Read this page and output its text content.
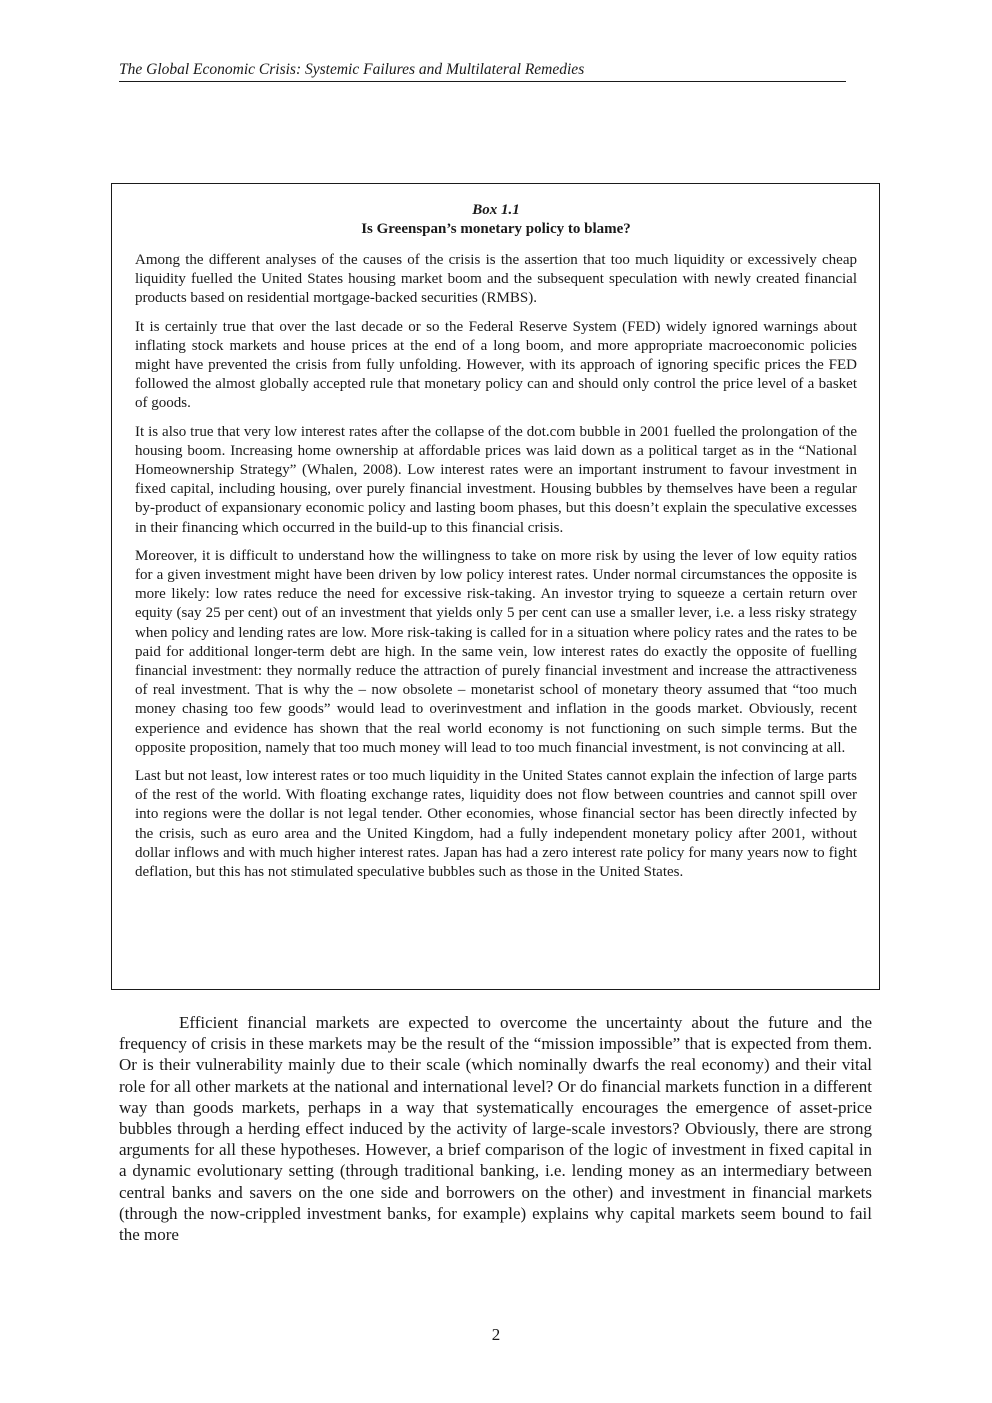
The Global Economic Crisis: Systemic Failures and Multilateral Remedies
Box 1.1
Is Greenspan’s monetary policy to blame?

Among the different analyses of the causes of the crisis is the assertion that too much liquidity or excessively cheap liquidity fuelled the United States housing market boom and the subsequent speculation with newly created financial products based on residential mortgage-backed securities (RMBS).

It is certainly true that over the last decade or so the Federal Reserve System (FED) widely ignored warnings about inflating stock markets and house prices at the end of a long boom, and more appropriate macroeconomic policies might have prevented the crisis from fully unfolding. However, with its approach of ignoring specific prices the FED followed the almost globally accepted rule that monetary policy can and should only control the price level of a basket of goods.

It is also true that very low interest rates after the collapse of the dot.com bubble in 2001 fuelled the prolongation of the housing boom. Increasing home ownership at affordable prices was laid down as a political target as in the “National Homeownership Strategy” (Whalen, 2008). Low interest rates were an important instrument to favour investment in fixed capital, including housing, over purely financial investment. Housing bubbles by themselves have been a regular by-product of expansionary economic policy and lasting boom phases, but this doesn’t explain the speculative excesses in their financing which occurred in the build-up to this financial crisis.

Moreover, it is difficult to understand how the willingness to take on more risk by using the lever of low equity ratios for a given investment might have been driven by low policy interest rates. Under normal circumstances the opposite is more likely: low rates reduce the need for excessive risk-taking. An investor trying to squeeze a certain return over equity (say 25 per cent) out of an investment that yields only 5 per cent can use a smaller lever, i.e. a less risky strategy when policy and lending rates are low. More risk-taking is called for in a situation where policy rates and the rates to be paid for additional longer-term debt are high. In the same vein, low interest rates do exactly the opposite of fuelling financial investment: they normally reduce the attraction of purely financial investment and increase the attractiveness of real investment. That is why the – now obsolete – monetarist school of monetary theory assumed that “too much money chasing too few goods” would lead to overinvestment and inflation in the goods market. Obviously, recent experience and evidence has shown that the real world economy is not functioning on such simple terms. But the opposite proposition, namely that too much money will lead to too much financial investment, is not convincing at all.

Last but not least, low interest rates or too much liquidity in the United States cannot explain the infection of large parts of the rest of the world. With floating exchange rates, liquidity does not flow between countries and cannot spill over into regions were the dollar is not legal tender. Other economies, whose financial sector has been directly infected by the crisis, such as euro area and the United Kingdom, had a fully independent monetary policy after 2001, without dollar inflows and with much higher interest rates. Japan has had a zero interest rate policy for many years now to fight deflation, but this has not stimulated speculative bubbles such as those in the United States.

Efficient financial markets are expected to overcome the uncertainty about the future and the frequency of crisis in these markets may be the result of the “mission impossible” that is expected from them. Or is their vulnerability mainly due to their scale (which nominally dwarfs the real economy) and their vital role for all other markets at the national and international level? Or do financial markets function in a different way than goods markets, perhaps in a way that systematically encourages the emergence of asset-price bubbles through a herding effect induced by the activity of large-scale investors? Obviously, there are strong arguments for all these hypotheses. However, a brief comparison of the logic of investment in fixed capital in a dynamic evolutionary setting (through traditional banking, i.e. lending money as an intermediary between central banks and savers on the one side and borrowers on the other) and investment in financial markets (through the now-crippled investment banks, for example) explains why capital markets seem bound to fail the more

2
